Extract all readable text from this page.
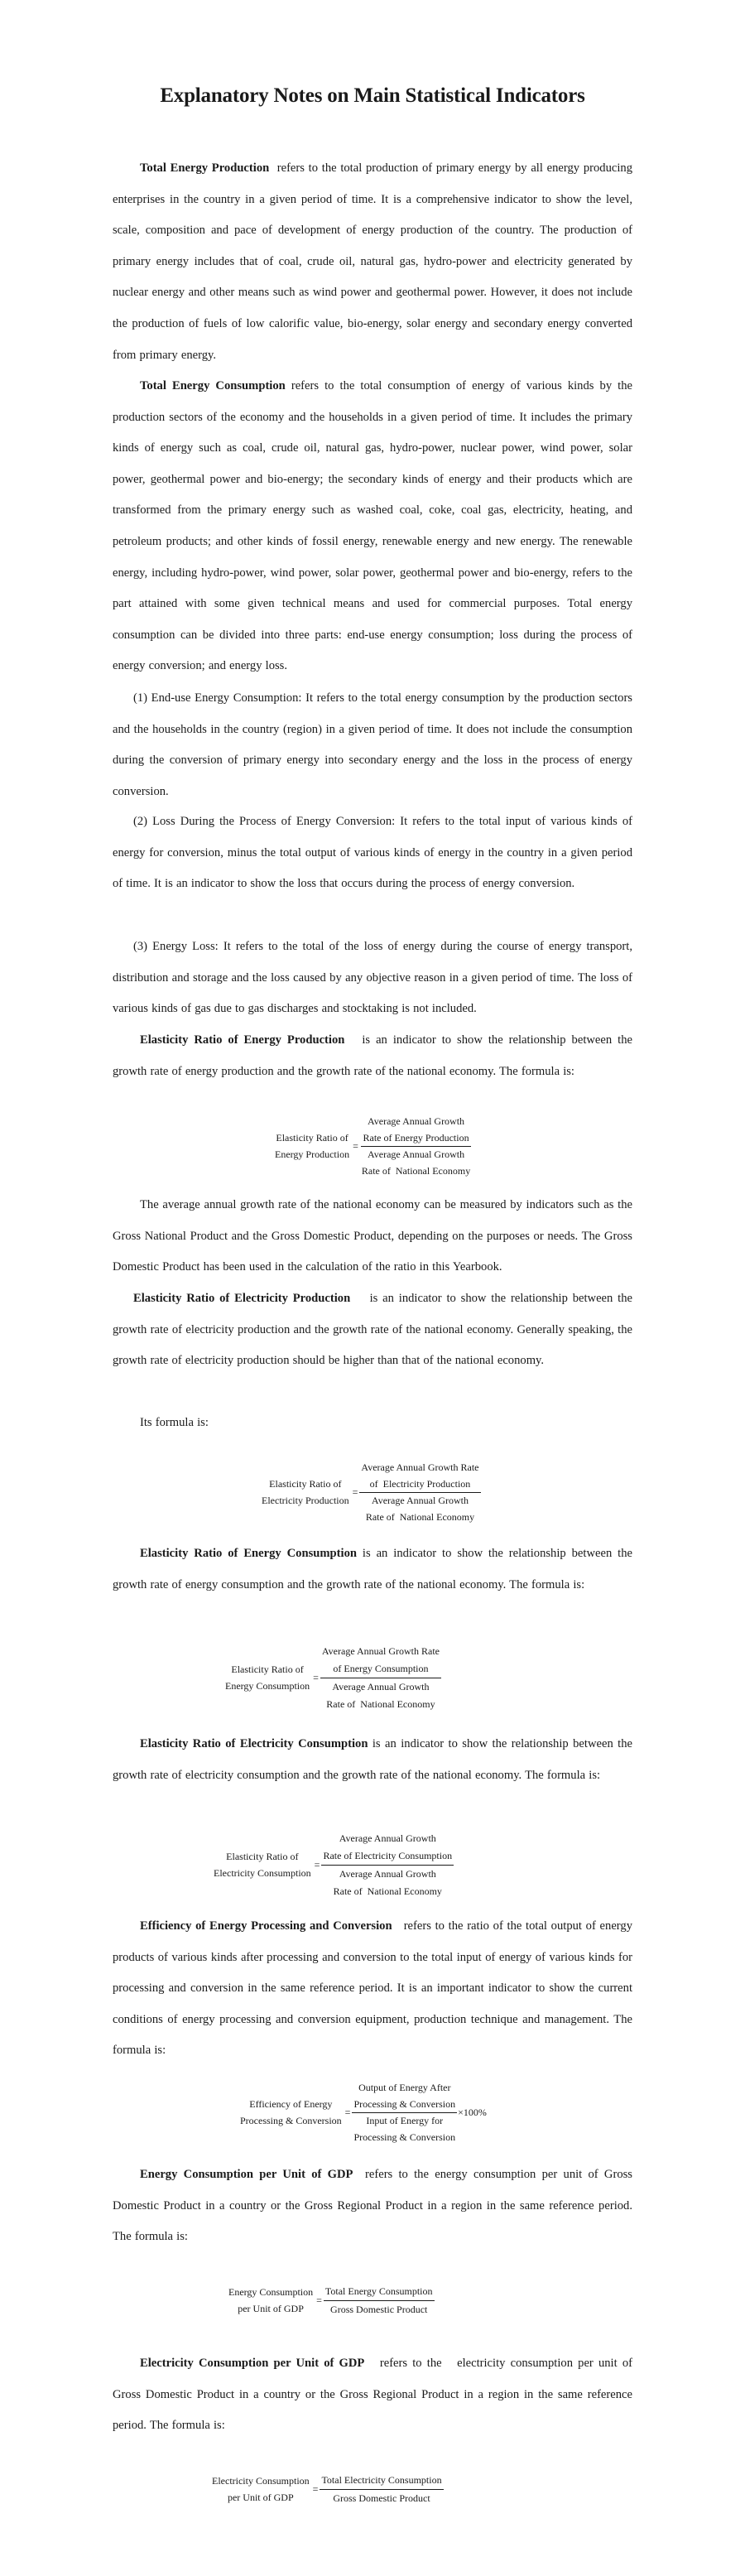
Explanatory Notes on Main Statistical Indicators

Total Energy Production  refers to the total production of primary energy by all energy producing enterprises in the country in a given period of time. It is a comprehensive indicator to show the level, scale, composition and pace of development of energy production of the country. The production of primary energy includes that of coal, crude oil, natural gas, hydro-power and electricity generated by nuclear energy and other means such as wind power and geothermal power. However, it does not include the production of fuels of low calorific value, bio-energy, solar energy and secondary energy converted from primary energy.

Total Energy Consumption refers to the total consumption of energy of various kinds by the production sectors of the economy and the households in a given period of time. It includes the primary kinds of energy such as coal, crude oil, natural gas, hydro-power, nuclear power, wind power, solar power, geothermal power and bio-energy; the secondary kinds of energy and their products which are transformed from the primary energy such as washed coal, coke, coal gas, electricity, heating, and petroleum products; and other kinds of fossil energy, renewable energy and new energy. The renewable energy, including hydro-power, wind power, solar power, geothermal power and bio-energy, refers to the part attained with some given technical means and used for commercial purposes. Total energy consumption can be divided into three parts: end-use energy consumption; loss during the process of energy conversion; and energy loss.

(1) End-use Energy Consumption: It refers to the total energy consumption by the production sectors and the households in the country (region) in a given period of time. It does not include the consumption during the conversion of primary energy into secondary energy and the loss in the process of energy conversion.

(2) Loss During the Process of Energy Conversion: It refers to the total input of various kinds of energy for conversion, minus the total output of various kinds of energy in the country in a given period of time. It is an indicator to show the loss that occurs during the process of energy conversion.

(3) Energy Loss: It refers to the total of the loss of energy during the course of energy transport, distribution and storage and the loss caused by any objective reason in a given period of time. The loss of various kinds of gas due to gas discharges and stocktaking is not included.

Elasticity Ratio of Energy Production   is an indicator to show the relationship between the growth rate of energy production and the growth rate of the national economy. The formula is:

Elasticity Ratio of
Energy Production
= Average Annual Growth
Rate of Energy Production
Average Annual Growth
Rate of  National Economy

The average annual growth rate of the national economy can be measured by indicators such as the Gross National Product and the Gross Domestic Product, depending on the purposes or needs. The Gross Domestic Product has been used in the calculation of the ratio in this Yearbook.

Elasticity Ratio of Electricity Production    is an indicator to show the relationship between the growth rate of electricity production and the growth rate of the national economy. Generally speaking, the growth rate of electricity production should be higher than that of the national economy.

Its formula is:

Elasticity Ratio of
Electricity Production
=
Average Annual Growth Rate
of  Electricity Production
Average Annual Growth
Rate of  National Economy

Elasticity Ratio of Energy Consumption is an indicator to show the relationship between the growth rate of energy consumption and the growth rate of the national economy. The formula is:

Elasticity Ratio of
Energy Consumption
= Average Annual Growth Rate
of Energy Consumption
Average Annual Growth
Rate of  National Economy

Elasticity Ratio of Electricity Consumption is an indicator to show the relationship between the growth rate of electricity consumption and the growth rate of the national economy. The formula is:

Elasticity Ratio of
Electricity Consumption
=
Average Annual Growth
Rate of Electricity Consumption
Average Annual Growth
Rate of  National Economy

Efficiency of Energy Processing and Conversion   refers to the ratio of the total output of energy products of various kinds after processing and conversion to the total input of energy of various kinds for processing and conversion in the same reference period. It is an important indicator to show the current conditions of energy processing and conversion equipment, production technique and management. The formula is:

Efficiency of Energy
Processing & Conversion
= Output of Energy After
Processing & Conversion
Input of Energy for
Processing & Conversion ×100%

Energy Consumption per Unit of GDP  refers to the energy consumption per unit of Gross Domestic Product in a country or the Gross Regional Product in a region in the same reference period. The formula is:

Energy Consumption
per Unit of GDP
= $\frac{\text{Total Energy Consumption}}{\text{Gross Domestic Product}}$

Electricity Consumption per Unit of GDP   refers to the   electricity consumption per unit of Gross Domestic Product in a country or the Gross Regional Product in a region in the same reference period. The formula is:

Electricity Consumption
per Unit of GDP
= $\frac{\text{Total Electricity Consumption}}{\text{Gross Domestic Product}}$
